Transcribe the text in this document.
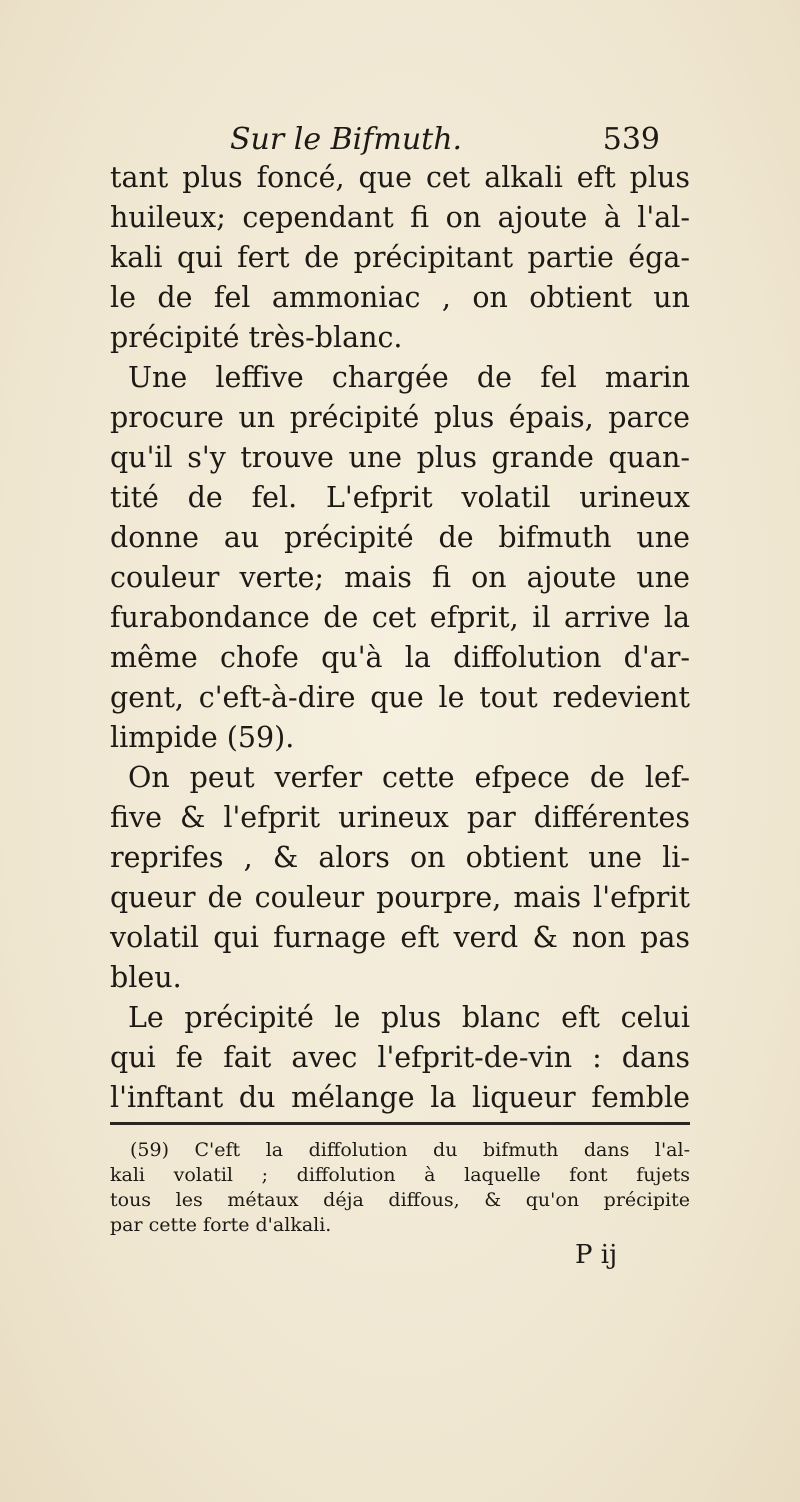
Sur le Bifmuth.	539
tant plus foncé, que cet alkali eft plus
huileux; cependant fi on ajoute à l'al-
kali qui fert de précipitant partie éga-
le de fel ammoniac , on obtient un
précipité très-blanc.
Une leffive chargée de fel marin
procure un précipité plus épais, parce
qu'il s'y trouve une plus grande quan-
tité de fel. L'efprit volatil urineux
donne au précipité de bifmuth une
couleur verte; mais fi on ajoute une
furabondance de cet efprit, il arrive la
même chofe qu'à la diffolution d'ar-
gent, c'eft-à-dire que le tout redevient
limpide (59).
On peut verfer cette efpece de lef-
five & l'efprit urineux par différentes
reprifes , & alors on obtient une li-
queur de couleur pourpre, mais l'efprit
volatil qui furnage eft verd & non pas
bleu.
Le précipité le plus blanc eft celui
qui fe fait avec l'efprit-de-vin : dans
l'inftant du mélange la liqueur femble
(59) C'eft la diffolution du bifmuth dans l'al-
kali volatil ; diffolution à laquelle font fujets
tous les métaux déja diffous, & qu'on précipite
par cette forte d'alkali.
P ij
